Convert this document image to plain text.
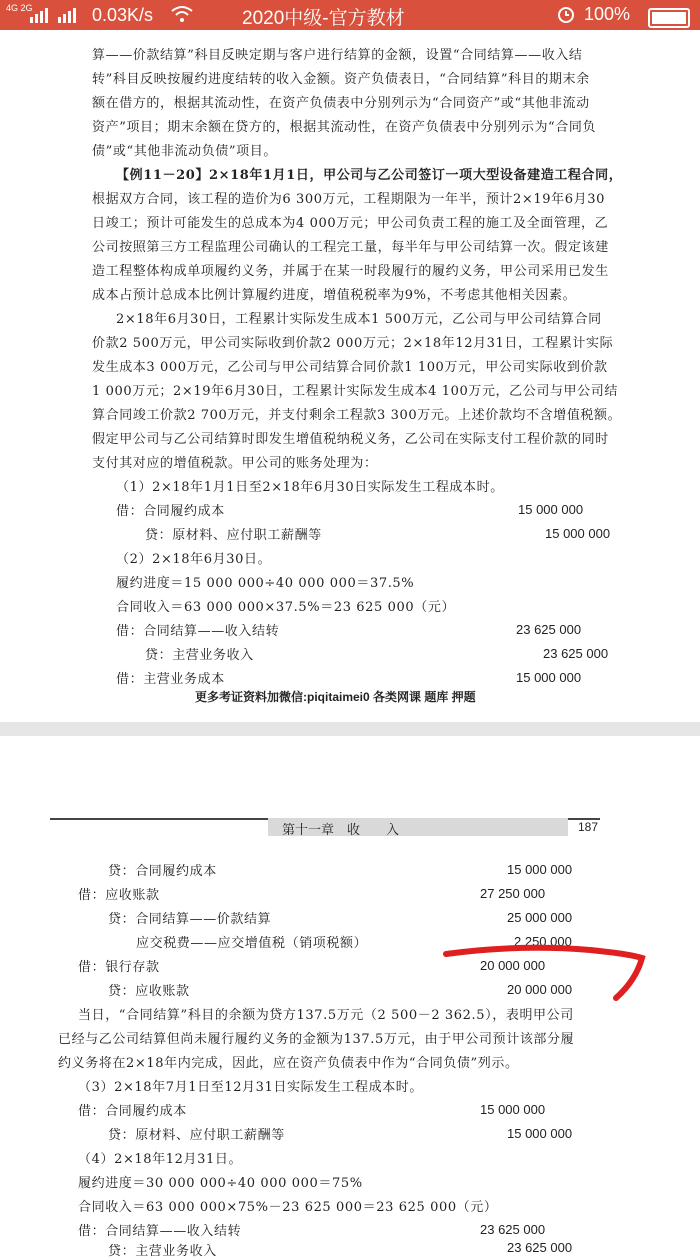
4G 2G	0.03K/s	2020中级-官方教材	100%
算——价款结算”科目反映定期与客户进行结算的金额，设置“合同结算——收入结
转”科目反映按履约进度结转的收入金额。资产负债表日，“合同结算”科目的期末余
额在借方的，根据其流动性，在资产负债表中分别列示为“合同资产”或“其他非流动
资产”项目；期末余额在贷方的，根据其流动性，在资产负债表中分别列示为“合同负
债”或“其他非流动负债”项目。
【例11－20】2×18年1月1日，甲公司与乙公司签订一项大型设备建造工程合同，
根据双方合同，该工程的造价为6 300万元，工程期限为一年半，预计2×19年6月30
日竣工；预计可能发生的总成本为4 000万元；甲公司负责工程的施工及全面管理，乙
公司按照第三方工程监理公司确认的工程完工量，每半年与甲公司结算一次。假定该建
造工程整体构成单项履约义务，并属于在某一时段履行的履约义务，甲公司采用已发生
成本占预计总成本比例计算履约进度，增值税税率为9%，不考虑其他相关因素。
2×18年6月30日，工程累计实际发生成本1 500万元，乙公司与甲公司结算合同
价款2 500万元，甲公司实际收到价款2 000万元；2×18年12月31日，工程累计实际
发生成本3 000万元，乙公司与甲公司结算合同价款1 100万元，甲公司实际收到价款
1 000万元；2×19年6月30日，工程累计实际发生成本4 100万元，乙公司与甲公司结
算合同竣工价款2 700万元，并支付剩余工程款3 300万元。上述价款均不含增值税额。
假定甲公司与乙公司结算时即发生增值税纳税义务，乙公司在实际支付工程价款的同时
支付其对应的增值税款。甲公司的账务处理为：
（1）2×18年1月1日至2×18年6月30日实际发生工程成本时。
借：合同履约成本	15 000 000
贷：原材料、应付职工薪酬等	15 000 000
（2）2×18年6月30日。
履约进度＝15 000 000÷40 000 000＝37.5%
合同收入＝63 000 000×37.5%＝23 625 000（元）
借：合同结算——收入结转	23 625 000
贷：主营业务收入	23 625 000
借：主营业务成本	15 000 000
更多考证资料加微信:piqitaimei0 各类网课 题库 押题
第十一章　收　　入	187
贷：合同履约成本	15 000 000
借：应收账款	27 250 000
贷：合同结算——价款结算	25 000 000
应交税费——应交增值税（销项税额）	2 250 000
借：银行存款	20 000 000
贷：应收账款	20 000 000
当日，“合同结算”科目的余额为贷方137.5万元（2 500－2 362.5），表明甲公司
已经与乙公司结算但尚未履行履约义务的金额为137.5万元，由于甲公司预计该部分履
约义务将在2×18年内完成，因此，应在资产负债表中作为“合同负债”列示。
（3）2×18年7月1日至12月31日实际发生工程成本时。
借：合同履约成本	15 000 000
贷：原材料、应付职工薪酬等	15 000 000
（4）2×18年12月31日。
履约进度＝30 000 000÷40 000 000＝75%
合同收入＝63 000 000×75%－23 625 000＝23 625 000（元）
借：合同结算——收入结转	23 625 000
贷：主营业务收入	23 625 000
